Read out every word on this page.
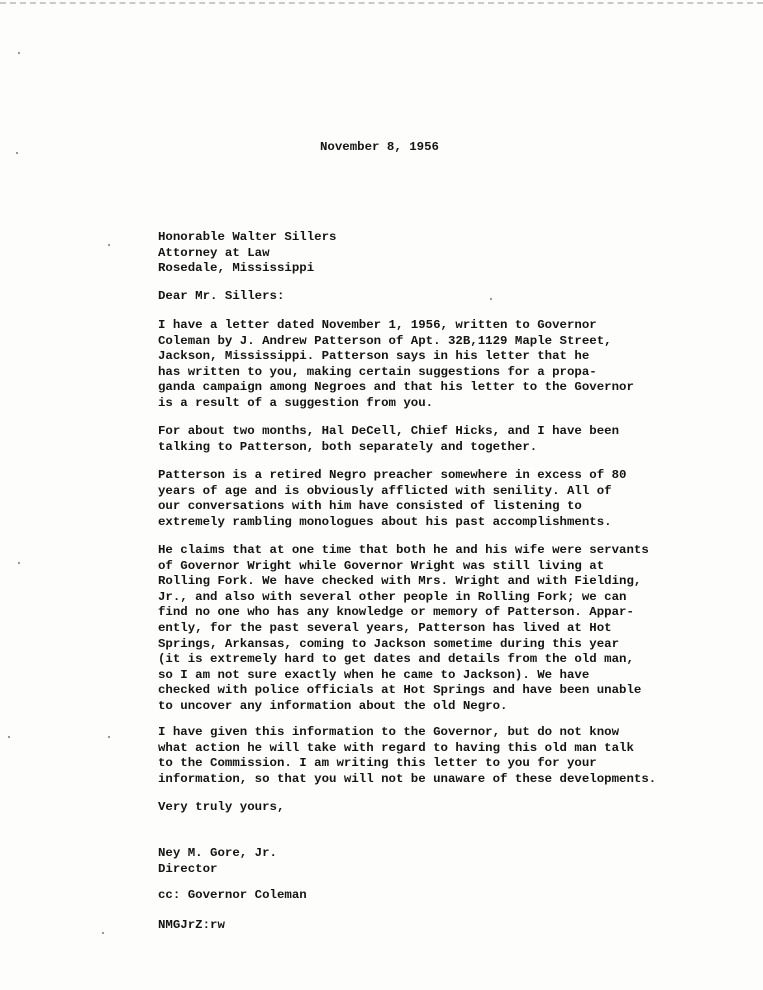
November 8, 1956
Honorable Walter Sillers
Attorney at Law
Rosedale, Mississippi
Dear Mr. Sillers:
I have a letter dated November 1, 1956, written to Governor
Coleman by J. Andrew Patterson of Apt. 32B,1129 Maple Street,
Jackson, Mississippi. Patterson says in his letter that he
has written to you, making certain suggestions for a propa-
ganda campaign among Negroes and that his letter to the Governor
is a result of a suggestion from you.
For about two months, Hal DeCell, Chief Hicks, and I have been
talking to Patterson, both separately and together.
Patterson is a retired Negro preacher somewhere in excess of 80
years of age and is obviously afflicted with senility. All of
our conversations with him have consisted of listening to
extremely rambling monologues about his past accomplishments.
He claims that at one time that both he and his wife were servants
of Governor Wright while Governor Wright was still living at
Rolling Fork. We have checked with Mrs. Wright and with Fielding,
Jr., and also with several other people in Rolling Fork; we can
find no one who has any knowledge or memory of Patterson. Appar-
ently, for the past several years, Patterson has lived at Hot
Springs, Arkansas, coming to Jackson sometime during this year
(it is extremely hard to get dates and details from the old man,
so I am not sure exactly when he came to Jackson). We have
checked with police officials at Hot Springs and have been unable
to uncover any information about the old Negro.
I have given this information to the Governor, but do not know
what action he will take with regard to having this old man talk
to the Commission. I am writing this letter to you for your
information, so that you will not be unaware of these developments.
Very truly yours,
Ney M. Gore, Jr.
Director
cc: Governor Coleman
NMGJrZ:rw
